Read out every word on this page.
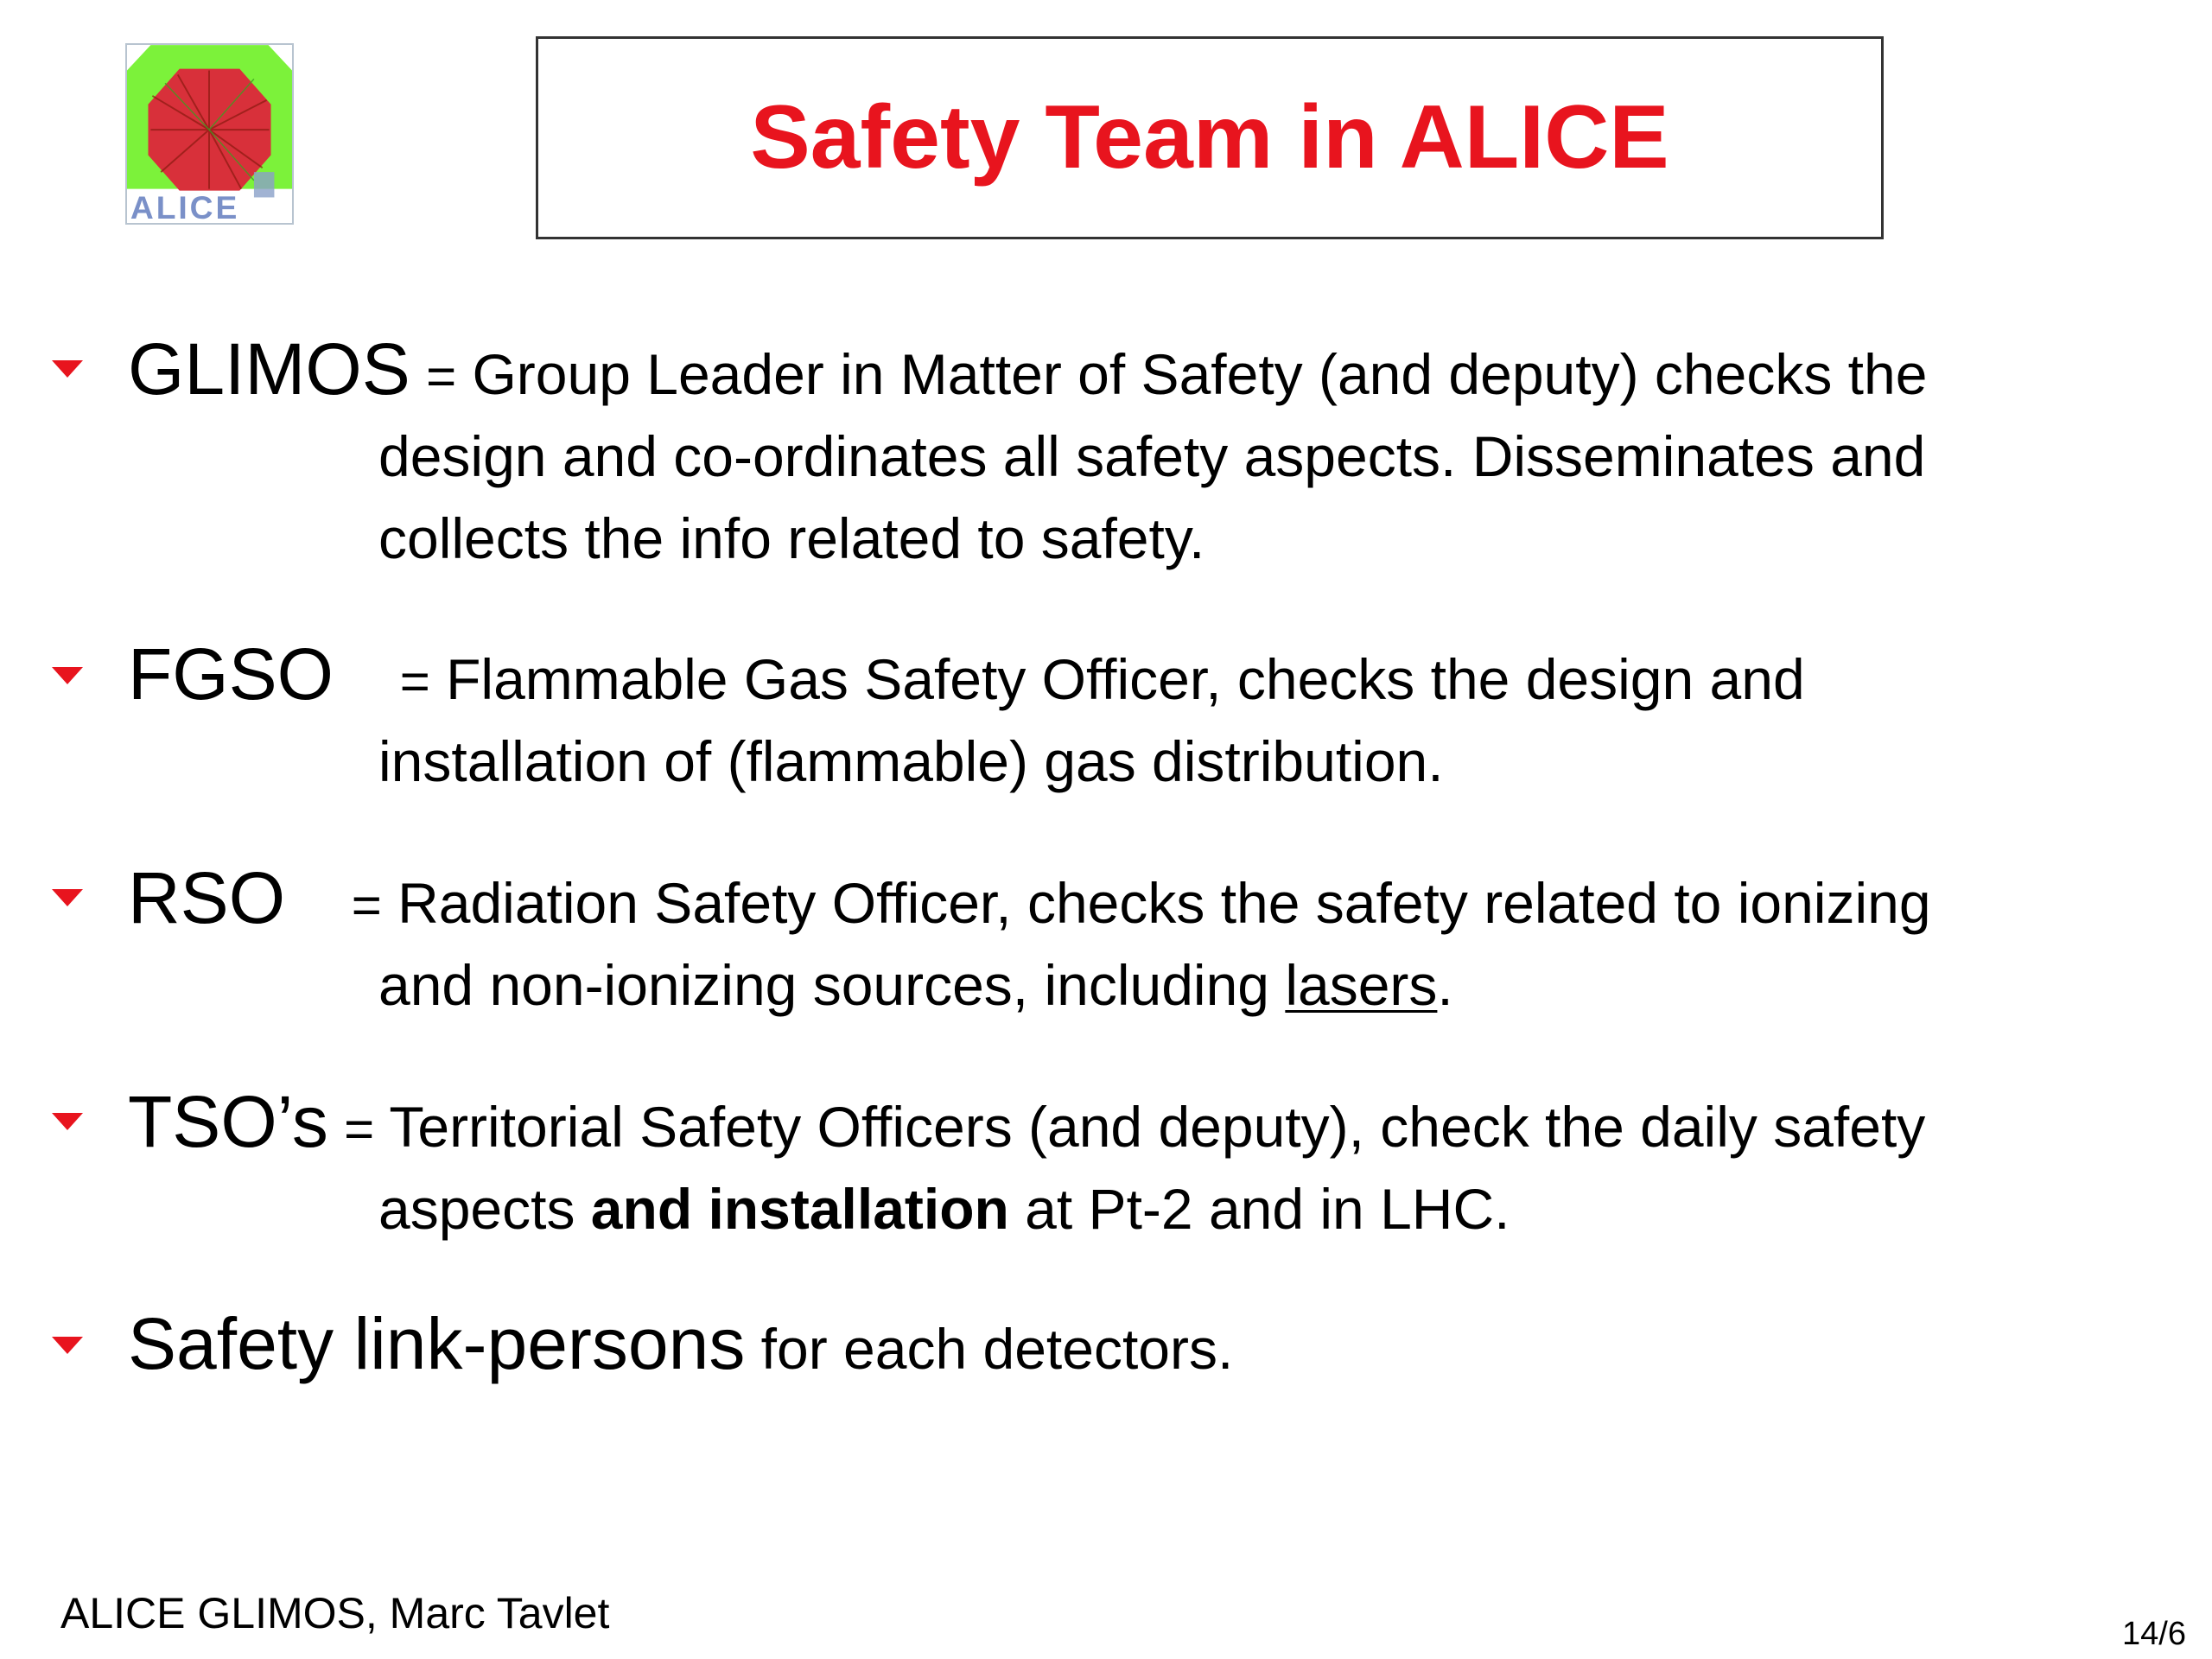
ALICE
Safety Team in ALICE
GLIMOS = Group Leader in Matter of Safety (and deputy) checks the
design and co-ordinates all safety aspects. Disseminates and
collects the info related to safety.
FGSO = Flammable Gas Safety Officer, checks the design and
installation of (flammable) gas distribution.
RSO = Radiation Safety Officer, checks the safety related to ionizing
and non-ionizing sources, including lasers.
TSO’s = Territorial Safety Officers (and deputy), check the daily safety
aspects and installation at Pt-2 and in LHC.
Safety link-persons for each detectors.
ALICE GLIMOS, Marc Tavlet	14/6
